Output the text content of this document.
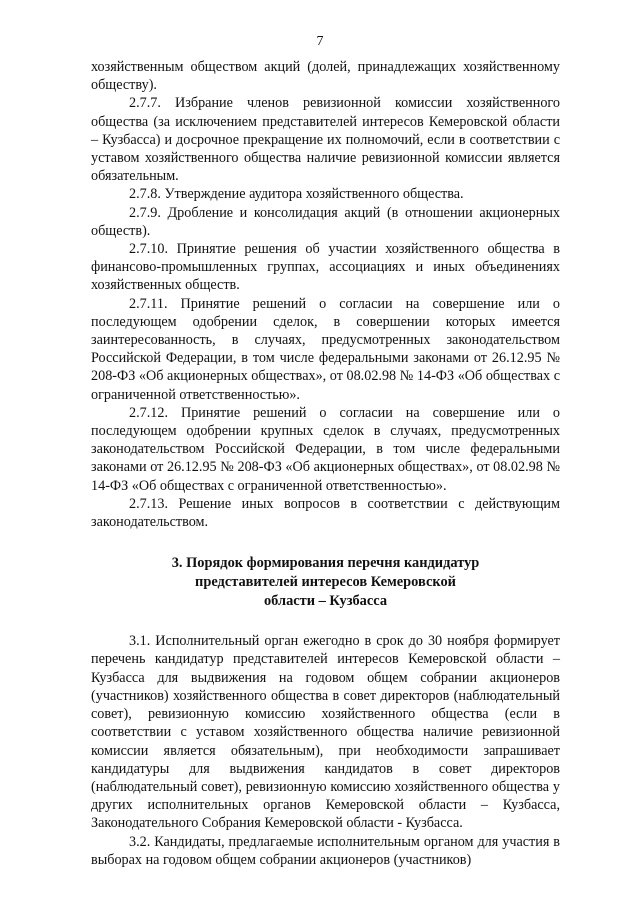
7

хозяйственным обществом акций (долей, принадлежащих хозяйственному обществу).

2.7.7. Избрание членов ревизионной комиссии хозяйственного общества (за исключением представителей интересов Кемеровской области – Кузбасса) и досрочное прекращение их полномочий, если в соответствии с уставом хозяйственного общества наличие ревизионной комиссии является обязательным.

2.7.8. Утверждение аудитора хозяйственного общества.

2.7.9. Дробление и консолидация акций (в отношении акционерных обществ).

2.7.10. Принятие решения об участии хозяйственного общества в финансово-промышленных группах, ассоциациях и иных объединениях хозяйственных обществ.

2.7.11. Принятие решений о согласии на совершение или о последующем одобрении сделок, в совершении которых имеется заинтересованность, в случаях, предусмотренных законодательством Российской Федерации, в том числе федеральными законами от 26.12.95 № 208-ФЗ «Об акционерных обществах», от 08.02.98 № 14-ФЗ «Об обществах с ограниченной ответственностью».

2.7.12. Принятие решений о согласии на совершение или о последующем одобрении крупных сделок в случаях, предусмотренных законодательством Российской Федерации, в том числе федеральными законами от 26.12.95 № 208-ФЗ «Об акционерных обществах», от 08.02.98 № 14-ФЗ «Об обществах с ограниченной ответственностью».

2.7.13. Решение иных вопросов в соответствии с действующим законодательством.

3. Порядок формирования перечня кандидатур
представителей интересов Кемеровской
области – Кузбасса

3.1. Исполнительный орган ежегодно в срок до 30 ноября формирует перечень кандидатур представителей интересов Кемеровской области – Кузбасса для выдвижения на годовом общем собрании акционеров (участников) хозяйственного общества в совет директоров (наблюдательный совет), ревизионную комиссию хозяйственного общества (если в соответствии с уставом хозяйственного общества наличие ревизионной комиссии является обязательным), при необходимости запрашивает кандидатуры для выдвижения кандидатов в совет директоров (наблюдательный совет), ревизионную комиссию хозяйственного общества у других исполнительных органов Кемеровской области – Кузбасса, Законодательного Собрания Кемеровской области - Кузбасса.

3.2. Кандидаты, предлагаемые исполнительным органом для участия в выборах на годовом общем собрании акционеров (участников)
